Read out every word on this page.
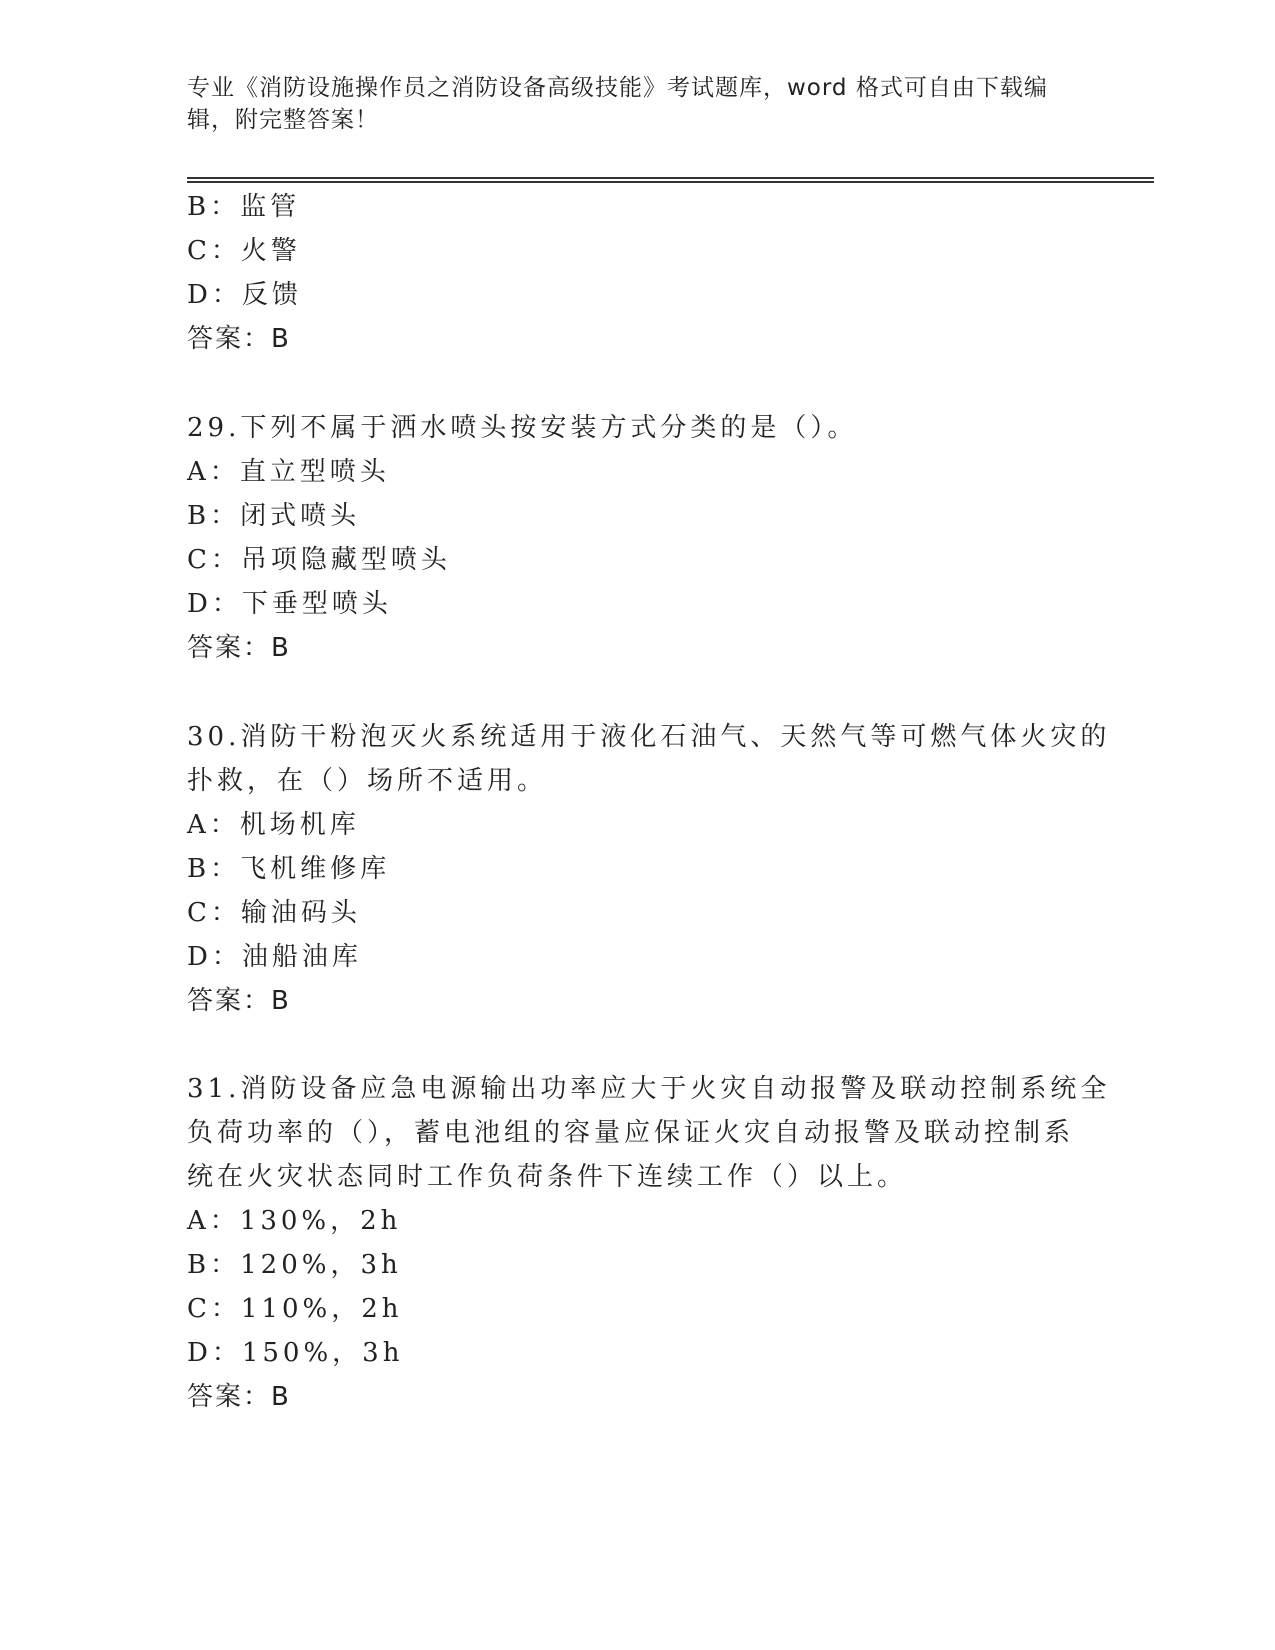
专业《消防设施操作员之消防设备高级技能》考试题库，word 格式可自由下载编辑，附完整答案！
B：监管
C：火警
D：反馈
答案：B
29.下列不属于洒水喷头按安装方式分类的是（）。
A：直立型喷头
B：闭式喷头
C：吊项隐藏型喷头
D：下垂型喷头
答案：B
30.消防干粉泡灭火系统适用于液化石油气、天然气等可燃气体火灾的
扑救，在（）场所不适用。
A：机场机库
B：飞机维修库
C：输油码头
D：油船油库
答案：B
31.消防设备应急电源输出功率应大于火灾自动报警及联动控制系统全
负荷功率的（），蓄电池组的容量应保证火灾自动报警及联动控制系
统在火灾状态同时工作负荷条件下连续工作（）以上。
A：130%，2h
B：120%，3h
C：110%，2h
D：150%，3h
答案：B
